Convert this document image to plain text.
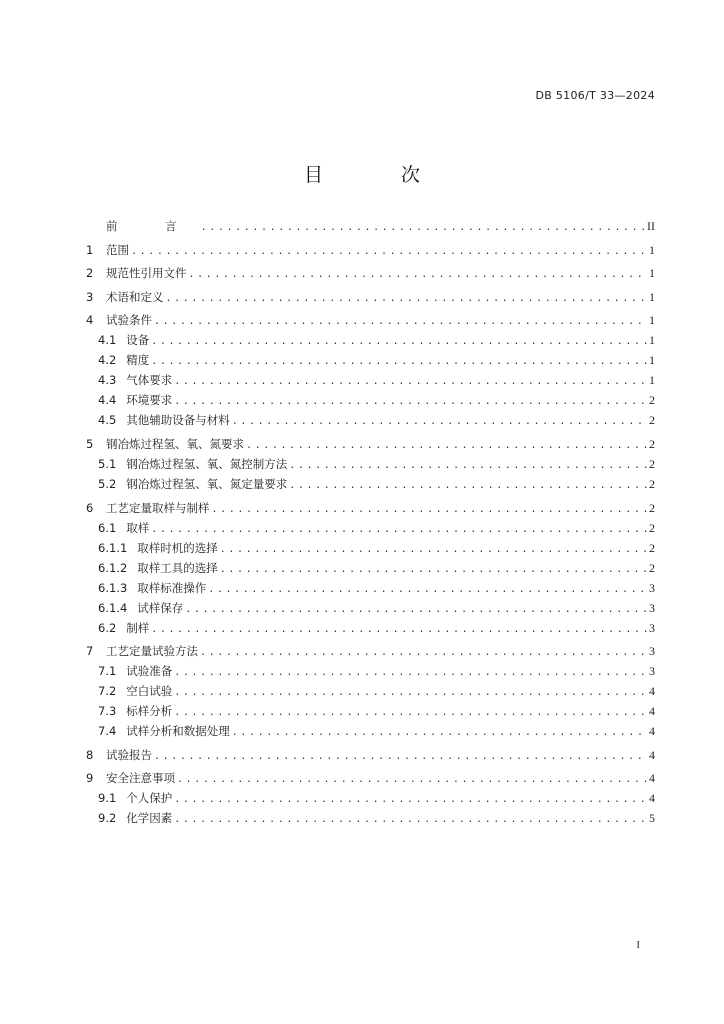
DB 5106/T 33—2024
目 次
前 言 .....	II
1	范围 .....	1
2	规范性引用文件 .....	1
3	术语和定义 .....	1
4	试验条件 .....	1
4.1 设备 .....	1
4.2 精度 .....	1
4.3 气体要求 .....	1
4.4 环境要求 .....	2
4.5 其他辅助设备与材料 .....	2
5	钢冶炼过程氢、氧、氮要求 .....	2
5.1 钢冶炼过程氢、氧、氮控制方法 .....	2
5.2 钢冶炼过程氢、氧、氮定量要求 .....	2
6	工艺定量取样与制样 .....	2
6.1 取样 .....	2
6.1.1 取样时机的选择 .....	2
6.1.2 取样工具的选择 .....	2
6.1.3 取样标准操作 .....	3
6.1.4 试样保存 .....	3
6.2 制样 .....	3
7	工艺定量试验方法 .....	3
7.1 试验准备 .....	3
7.2 空白试验 .....	4
7.3 标样分析 .....	4
7.4 试样分析和数据处理 .....	4
8	试验报告 .....	4
9	安全注意事项 .....	4
9.1 个人保护 .....	4
9.2 化学因素 .....	5
I
